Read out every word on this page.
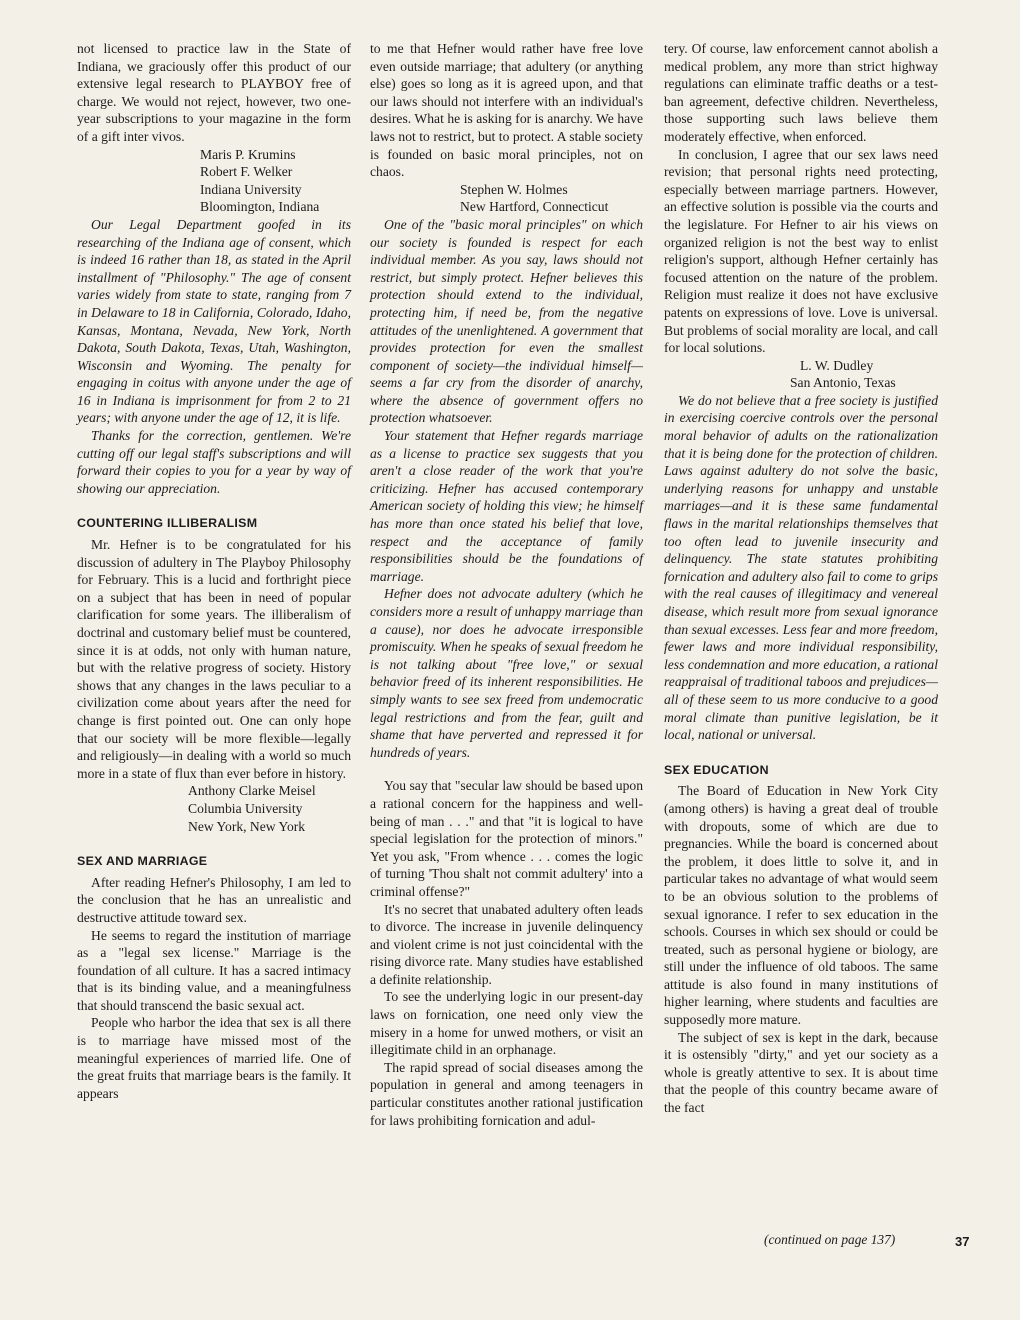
not licensed to practice law in the State of Indiana, we graciously offer this product of our extensive legal research to PLAYBOY free of charge. We would not reject, however, two one-year subscriptions to your magazine in the form of a gift inter vivos.

Maris P. Krumins
Robert F. Welker
Indiana University
Bloomington, Indiana

Our Legal Department goofed in its researching of the Indiana age of consent, which is indeed 16 rather than 18, as stated in the April installment of "Philosophy." The age of consent varies widely from state to state, ranging from 7 in Delaware to 18 in California, Colorado, Idaho, Kansas, Montana, Nevada, New York, North Dakota, South Dakota, Texas, Utah, Washington, Wisconsin and Wyoming. The penalty for engaging in coitus with anyone under the age of 16 in Indiana is imprisonment for from 2 to 21 years; with anyone under the age of 12, it is life.

Thanks for the correction, gentlemen. We're cutting off our legal staff's subscriptions and will forward their copies to you for a year by way of showing our appreciation.

COUNTERING ILLIBERALISM

Mr. Hefner is to be congratulated for his discussion of adultery in The Playboy Philosophy for February. This is a lucid and forthright piece on a subject that has been in need of popular clarification for some years. The illiberalism of doctrinal and customary belief must be countered, since it is at odds, not only with human nature, but with the relative progress of society. History shows that any changes in the laws peculiar to a civilization come about years after the need for change is first pointed out. One can only hope that our society will be more flexible—legally and religiously—in dealing with a world so much more in a state of flux than ever before in history.

Anthony Clarke Meisel
Columbia University
New York, New York
SEX AND MARRIAGE

After reading Hefner's Philosophy, I am led to the conclusion that he has an unrealistic and destructive attitude toward sex.

He seems to regard the institution of marriage as a "legal sex license." Marriage is the foundation of all culture. It has a sacred intimacy that is its binding value, and a meaningfulness that should transcend the basic sexual act.

People who harbor the idea that sex is all there is to marriage have missed most of the meaningful experiences of married life. One of the great fruits that marriage bears is the family. It appears

to me that Hefner would rather have free love even outside marriage; that adultery (or anything else) goes so long as it is agreed upon, and that our laws should not interfere with an individual's desires. What he is asking for is anarchy. We have laws not to restrict, but to protect. A stable society is founded on basic moral principles, not on chaos.

Stephen W. Holmes
New Hartford, Connecticut

One of the "basic moral principles" on which our society is founded is respect for each individual member. As you say, laws should not restrict, but simply protect. Hefner believes this protection should extend to the individual, protecting him, if need be, from the negative attitudes of the unenlightened. A government that provides protection for even the smallest component of society—the individual himself—seems a far cry from the disorder of anarchy, where the absence of government offers no protection whatsoever.

Your statement that Hefner regards marriage as a license to practice sex suggests that you aren't a close reader of the work that you're criticizing. Hefner has accused contemporary American society of holding this view; he himself has more than once stated his belief that love, respect and the acceptance of family responsibilities should be the foundations of marriage.

Hefner does not advocate adultery (which he considers more a result of unhappy marriage than a cause), nor does he advocate irresponsible promiscuity. When he speaks of sexual freedom he is not talking about "free love," or sexual behavior freed of its inherent responsibilities. He simply wants to see sex freed from undemocratic legal restrictions and from the fear, guilt and shame that have perverted and repressed it for hundreds of years.

You say that "secular law should be based upon a rational concern for the happiness and well-being of man . . ." and that "it is logical to have special legislation for the protection of minors." Yet you ask, "From whence . . . comes the logic of turning 'Thou shalt not commit adultery' into a criminal offense?"

It's no secret that unabated adultery often leads to divorce. The increase in juvenile delinquency and violent crime is not just coincidental with the rising divorce rate. Many studies have established a definite relationship.

To see the underlying logic in our present-day laws on fornication, one need only view the misery in a home for unwed mothers, or visit an illegitimate child in an orphanage.

The rapid spread of social diseases among the population in general and among teenagers in particular constitutes another rational justification for laws prohibiting fornication and adul-

tery. Of course, law enforcement cannot abolish a medical problem, any more than strict highway regulations can eliminate traffic deaths or a test-ban agreement, defective children. Nevertheless, those supporting such laws believe them moderately effective, when enforced.

In conclusion, I agree that our sex laws need revision; that personal rights need protecting, especially between marriage partners. However, an effective solution is possible via the courts and the legislature. For Hefner to air his views on organized religion is not the best way to enlist religion's support, although Hefner certainly has focused attention on the nature of the problem. Religion must realize it does not have exclusive patents on expressions of love. Love is universal. But problems of social morality are local, and call for local solutions.

L. W. Dudley
San Antonio, Texas

We do not believe that a free society is justified in exercising coercive controls over the personal moral behavior of adults on the rationalization that it is being done for the protection of children. Laws against adultery do not solve the basic, underlying reasons for unhappy and unstable marriages—and it is these same fundamental flaws in the marital relationships themselves that too often lead to juvenile insecurity and delinquency. The state statutes prohibiting fornication and adultery also fail to come to grips with the real causes of illegitimacy and venereal disease, which result more from sexual ignorance than sexual excesses. Less fear and more freedom, fewer laws and more individual responsibility, less condemnation and more education, a rational reappraisal of traditional taboos and prejudices—all of these seem to us more conducive to a good moral climate than punitive legislation, be it local, national or universal.

SEX EDUCATION

The Board of Education in New York City (among others) is having a great deal of trouble with dropouts, some of which are due to pregnancies. While the board is concerned about the problem, it does little to solve it, and in particular takes no advantage of what would seem to be an obvious solution to the problems of sexual ignorance. I refer to sex education in the schools. Courses in which sex should or could be treated, such as personal hygiene or biology, are still under the influence of old taboos. The same attitude is also found in many institutions of higher learning, where students and faculties are supposedly more mature.

The subject of sex is kept in the dark, because it is ostensibly "dirty," and yet our society as a whole is greatly attentive to sex. It is about time that the people of this country became aware of the fact

(continued on page 137)	37
